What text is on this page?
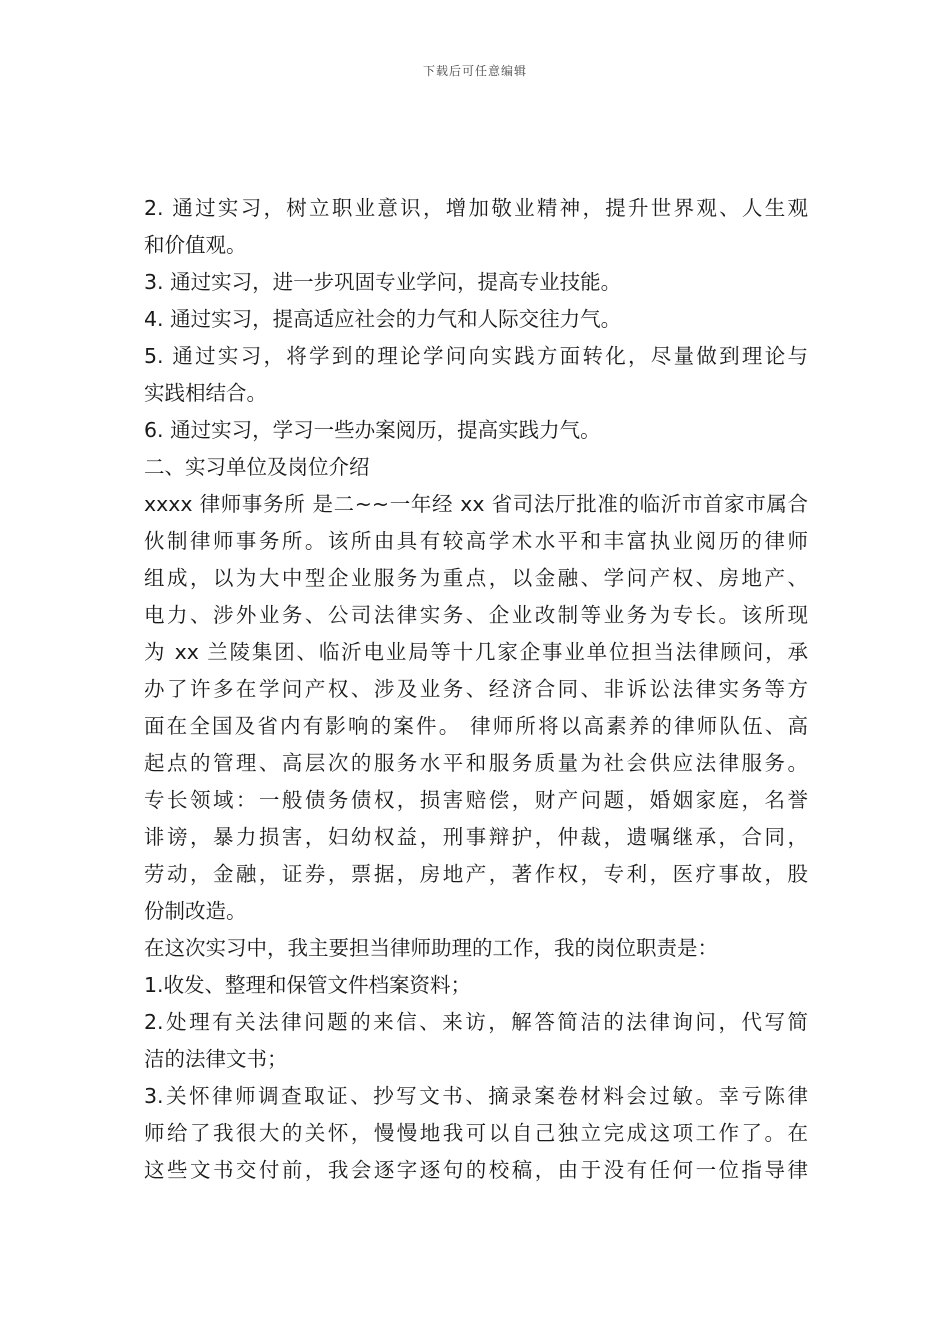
下载后可任意编辑
2. 通过实习，树立职业意识，增加敬业精神，提升世界观、人生观
和价值观。
3. 通过实习，进一步巩固专业学问，提高专业技能。
4. 通过实习，提高适应社会的力气和人际交往力气。
5. 通过实习，将学到的理论学问向实践方面转化，尽量做到理论与
实践相结合。
6. 通过实习，学习一些办案阅历，提高实践力气。
二、实习单位及岗位介绍
xxxx 律师事务所 是二~~一年经 xx 省司法厅批准的临沂市首家市属合
伙制律师事务所。该所由具有较高学术水平和丰富执业阅历的律师
组成，以为大中型企业服务为重点，以金融、学问产权、房地产、
电力、涉外业务、公司法律实务、企业改制等业务为专长。该所现
为 xx 兰陵集团、临沂电业局等十几家企事业单位担当法律顾问，承
办了许多在学问产权、涉及业务、经济合同、非诉讼法律实务等方
面在全国及省内有影响的案件。 律师所将以高素养的律师队伍、高
起点的管理、高层次的服务水平和服务质量为社会供应法律服务。
专长领域：一般债务债权，损害赔偿，财产问题，婚姻家庭，名誉
诽谤，暴力损害，妇幼权益，刑事辩护，仲裁，遗嘱继承，合同，
劳动，金融，证券，票据，房地产，著作权，专利，医疗事故，股
份制改造。
在这次实习中，我主要担当律师助理的工作，我的岗位职责是：
1.收发、整理和保管文件档案资料；
2.处理有关法律问题的来信、来访，解答简洁的法律询问，代写简
洁的法律文书；
3.关怀律师调查取证、抄写文书、摘录案卷材料会过敏。幸亏陈律
师给了我很大的关怀，慢慢地我可以自己独立完成这项工作了。在
这些文书交付前，我会逐字逐句的校稿，由于没有任何一位指导律
